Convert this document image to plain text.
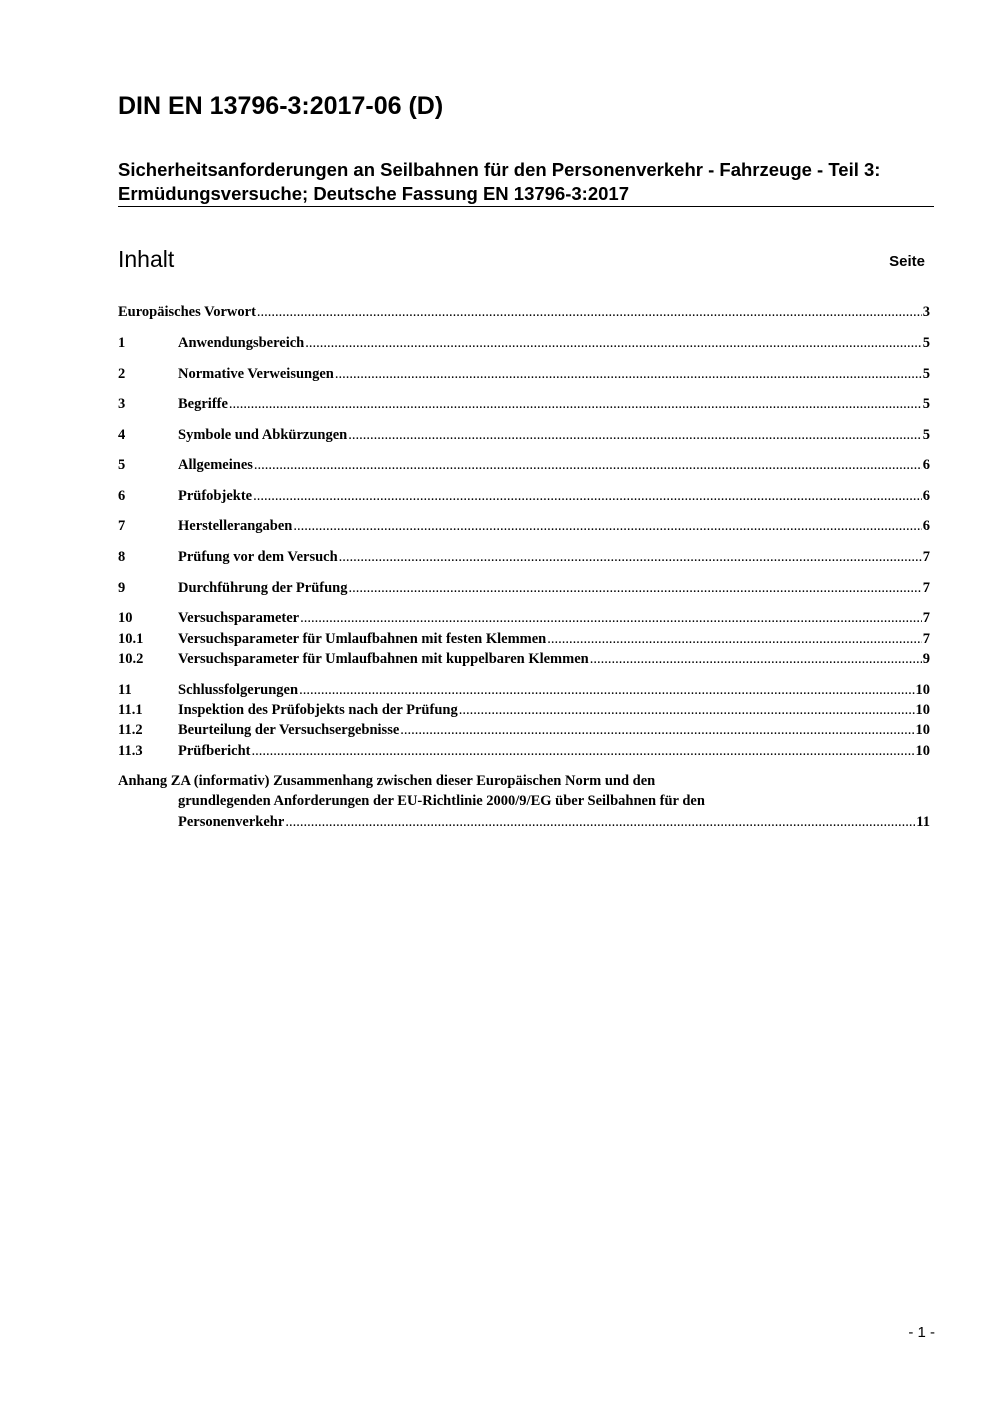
DIN EN 13796-3:2017-06 (D)
Sicherheitsanforderungen an Seilbahnen für den Personenverkehr - Fahrzeuge - Teil 3: Ermüdungsversuche; Deutsche Fassung EN 13796-3:2017
Inhalt	Seite
Europäisches Vorwort .....	3
1	Anwendungsbereich .....	5
2	Normative Verweisungen .....	5
3	Begriffe .....	5
4	Symbole und Abkürzungen .....	5
5	Allgemeines .....	6
6	Prüfobjekte .....	6
7	Herstellerangaben .....	6
8	Prüfung vor dem Versuch .....	7
9	Durchführung der Prüfung .....	7
10	Versuchsparameter .....	7
10.1	Versuchsparameter für Umlaufbahnen mit festen Klemmen .....	7
10.2	Versuchsparameter für Umlaufbahnen mit kuppelbaren Klemmen .....	9
11	Schlussfolgerungen .....	10
11.1	Inspektion des Prüfobjekts nach der Prüfung .....	10
11.2	Beurteilung der Versuchsergebnisse .....	10
11.3	Prüfbericht .....	10
Anhang ZA (informativ) Zusammenhang zwischen dieser Europäischen Norm und den
grundlegenden Anforderungen der EU-Richtlinie 2000/9/EG über Seilbahnen für den
Personenverkehr .....	11
- 1 -
